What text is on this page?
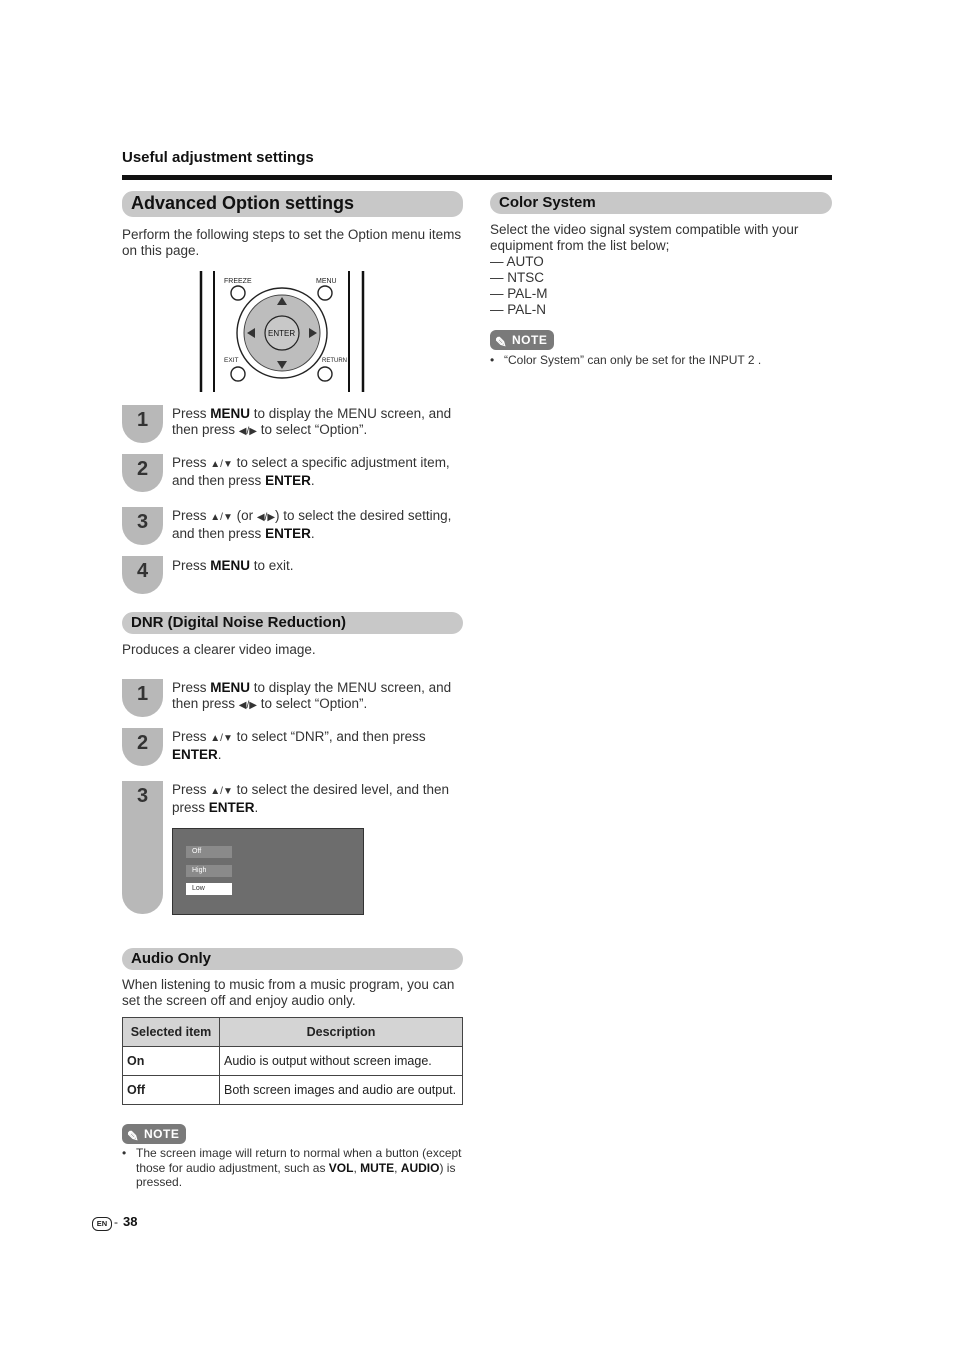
Useful adjustment settings
Advanced Option settings
Perform the following steps to set the Option menu items on this page.
FREEZE	MENU
ENTER
EXIT	RETURN
1	Press MENU to display the MENU screen, and then press ◀/▶ to select “Option”.
2	Press ▲/▼ to select a specific adjustment item, and then press ENTER.
3	Press ▲/▼ (or ◀/▶) to select the desired setting, and then press ENTER.
4	Press MENU to exit.
DNR (Digital Noise Reduction)
Produces a clearer video image.
1	Press MENU to display the MENU screen, and then press ◀/▶ to select “Option”.
2	Press ▲/▼ to select “DNR”, and then press ENTER.
3	Press ▲/▼ to select the desired level, and then press ENTER.
Off
High
Low
Audio Only
When listening to music from a music program, you can set the screen off and enjoy audio only.
Selected item	Description
On	Audio is output without screen image.
Off	Both screen images and audio are output.
✎ NOTE
• The screen image will return to normal when a button (except those for audio adjustment, such as VOL, MUTE, AUDIO) is pressed.
Color System
Select the video signal system compatible with your equipment from the list below;
— AUTO
— NTSC
— PAL-M
— PAL-N
✎ NOTE
• “Color System” can only be set for the INPUT 2 .
EN - 38
